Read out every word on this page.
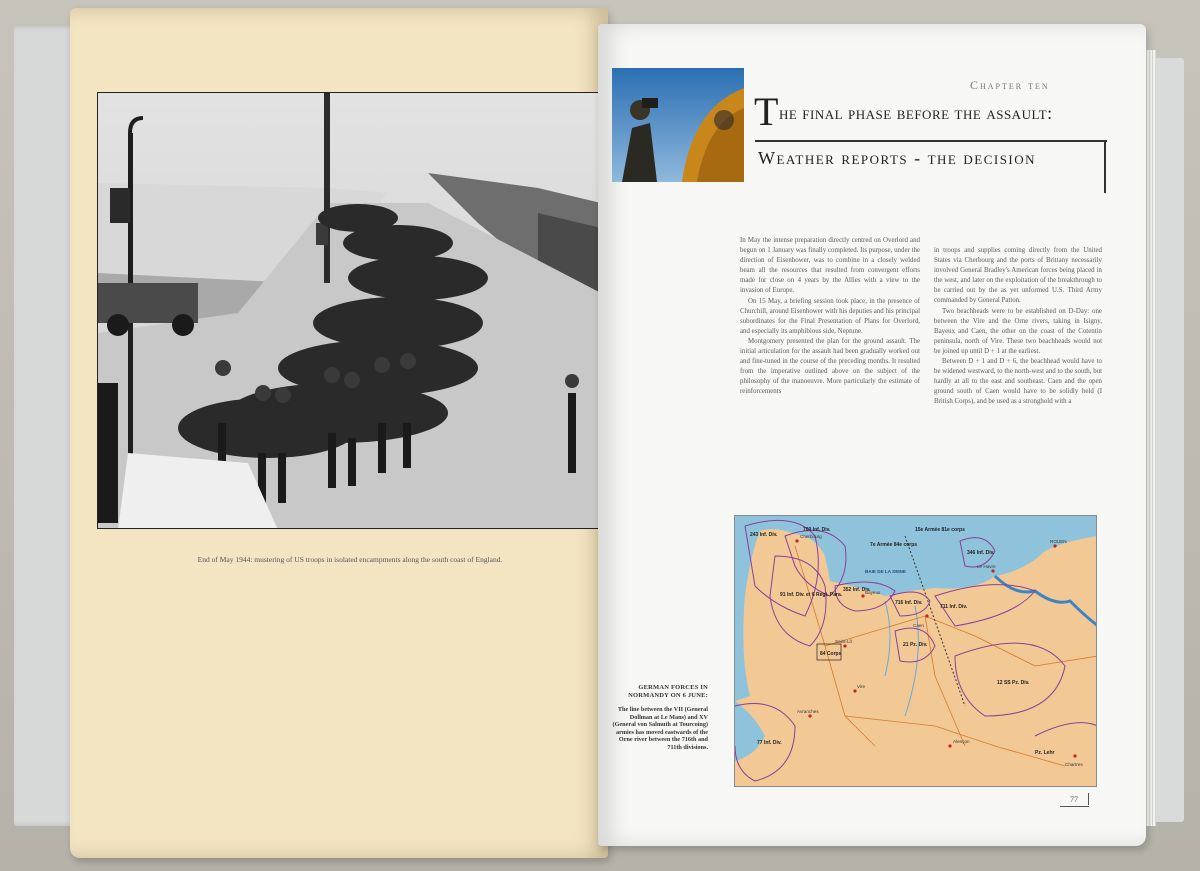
End of May 1944: mustering of US troops in isolated encampments along the south coast of England.
Chapter ten
The final phase before the assault:
Weather reports - the decision

In May the intense preparation directly centred on Overlord and begun on 1 January was finally completed. Its purpose, under the direction of Eisenhower, was to combine in a closely welded beam all the resources that resulted from convergent efforts made for close on 4 years by the Allies with a view to the invasion of Europe.

On 15 May, a briefing session took place, in the presence of Churchill, around Eisenhower with his deputies and his principal subordinates for the Final Presentation of Plans for Overlord, and especially its amphibious side, Neptune.

Montgomery presented the plan for the ground assault. The initial articulation for the assault had been gradually worked out and fine-tuned in the course of the preceding months. It resulted from the imperative outlined above on the subject of the philosophy of the manoeuvre. More particularly the estimate of reinforcements

in troops and supplies coming directly from the United States via Cherbourg and the ports of Brittany necessarily involved General Bradley's American forces being placed in the west, and later on the exploitation of the breakthrough to be carried out by the as yet unformed U.S. Third Army commanded by General Patton.

Two beachheads were to be established on D-Day: one between the Vire and the Orne rivers, taking in Isigny, Bayeux and Caen, the other on the coast of the Cotentin peninsula, north of Vire. These two beachheads would not be joined up until D + 1 at the earliest.

Between D + 1 and D + 6, the beachhead would have to be widened westward, to the north-west and to the south, but hardly at all to the east and southeast. Caen and the open ground south of Caen would have to be solidly held (I British Corps), and be used as a stronghold with a

Cherbourg
Saint-Lô
Caen
Avranches
Alençon
Le Havre
ROUEN
Chartres
Bayeux
Vire
7e Armée 84e corps
15e Armée 81e corps
BAIE DE LA SEINE
243 Inf. Div.
709 Inf. Div.
91 Inf. Div. et 6 Régt. Para.
352 Inf. Div.
716 Inf. Div.
711 Inf. Div.
346 Inf. Div.
21 Pz. Div.
84 Corps
12 SS Pz. Div.
77 Inf. Div.
Pz. Lehr
GERMAN FORCES IN NORMANDY ON 6 JUNE:
The line between the VII (General Dollman at Le Mans) and XV (General von Salmuth at Tourcoing) armies has moved eastwards of the Orne river between the 716th and 711th divisions.
77
